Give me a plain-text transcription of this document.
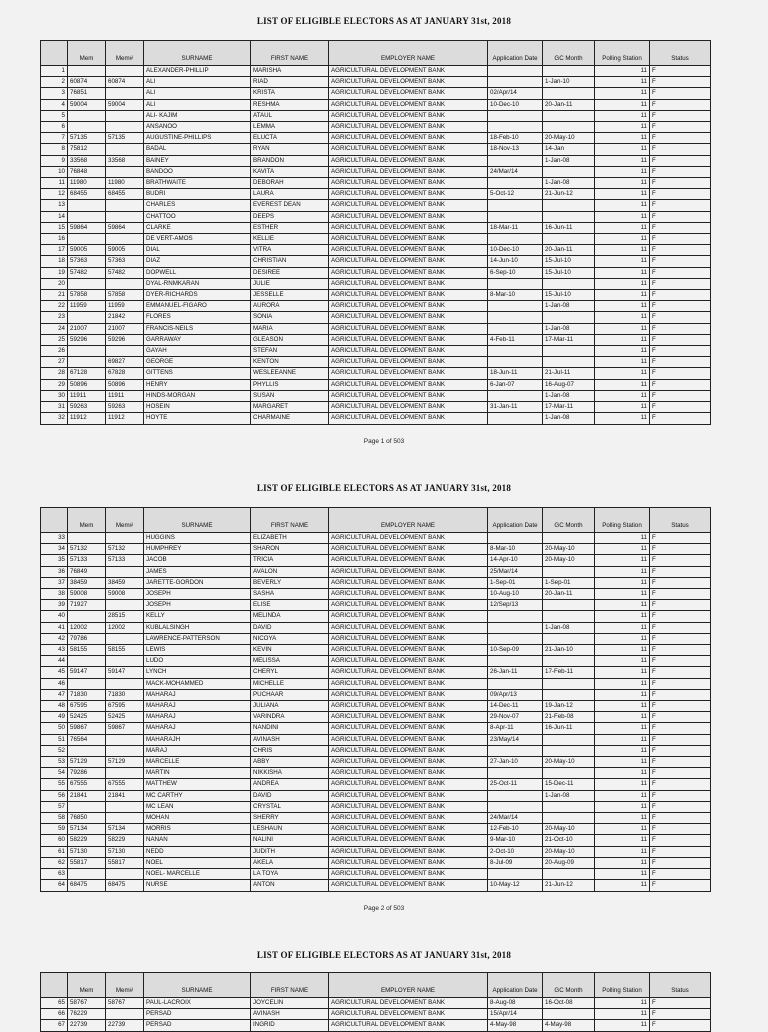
LIST OF ELIGIBLE ELECTORS AS AT JANUARY 31st, 2018
	Mem	Mem#	SURNAME	FIRST NAME	EMPLOYER NAME	Application Date	GC Month	Polling Station	Status
1			ALEXANDER-PHILLIP	MARISHA	AGRICULTURAL DEVELOPMENT BANK			11	F
2	60874	60874	ALI	RIAD	AGRICULTURAL DEVELOPMENT BANK		1-Jan-10	11	F
3	76851		ALI	KRISTA	AGRICULTURAL DEVELOPMENT BANK	02/Apr/14		11	F
4	59004	59004	ALI	RESHMA	AGRICULTURAL DEVELOPMENT BANK	10-Dec-10	20-Jan-11	11	F
5			ALI- KAJIM	ATAUL	AGRICULTURAL DEVELOPMENT BANK			11	F
6			ANSANOO	LEMMA	AGRICULTURAL DEVELOPMENT BANK			11	F
7	57135	57135	AUGUSTINE-PHILLIPS	ELUCTA	AGRICULTURAL DEVELOPMENT BANK	18-Feb-10	20-May-10	11	F
8	75812		BADAL	RYAN	AGRICULTURAL DEVELOPMENT BANK	18-Nov-13	14-Jan	11	F
9	33568	33568	BAINEY	BRANDON	AGRICULTURAL DEVELOPMENT BANK		1-Jan-08	11	F
10	76848		BANDOO	KAVITA	AGRICULTURAL DEVELOPMENT BANK	24/Mar/14		11	F
11	11980	11980	BRATHWAITE	DEBORAH	AGRICULTURAL DEVELOPMENT BANK		1-Jan-08	11	F
12	68455	68455	BUDRI	LAURA	AGRICULTURAL DEVELOPMENT BANK	5-Oct-12	21-Jun-12	11	F
13			CHARLES	EVEREST DEAN	AGRICULTURAL DEVELOPMENT BANK			11	F
14			CHATTOO	DEEPS	AGRICULTURAL DEVELOPMENT BANK			11	F
15	59864	59864	CLARKE	ESTHER	AGRICULTURAL DEVELOPMENT BANK	18-Mar-11	16-Jun-11	11	F
16			DE VERT-AMOS	KELLIE	AGRICULTURAL DEVELOPMENT BANK			11	F
17	59005	59005	DIAL	VITRA	AGRICULTURAL DEVELOPMENT BANK	10-Dec-10	20-Jan-11	11	F
18	57363	57363	DIAZ	CHRISTIAN	AGRICULTURAL DEVELOPMENT BANK	14-Jun-10	15-Jul-10	11	F
19	57482	57482	DOPWELL	DESIREE	AGRICULTURAL DEVELOPMENT BANK	6-Sep-10	15-Jul-10	11	F
20			DYAL-RNMKARAN	JULIE	AGRICULTURAL DEVELOPMENT BANK			11	F
21	57858	57858	DYER-RICHARDS	JESSELLE	AGRICULTURAL DEVELOPMENT BANK	8-Mar-10	15-Jul-10	11	F
22	11959	11959	EMMANUEL-FIGARO	AURORA	AGRICULTURAL DEVELOPMENT BANK		1-Jan-08	11	F
23		21842	FLORES	SONIA	AGRICULTURAL DEVELOPMENT BANK			11	F
24	21007	21007	FRANCIS-NEILS	MARIA	AGRICULTURAL DEVELOPMENT BANK		1-Jan-08	11	F
25	59296	59296	GARRAWAY	GLEASON	AGRICULTURAL DEVELOPMENT BANK	4-Feb-11	17-Mar-11	11	F
26			GAYAH	STEFAN	AGRICULTURAL DEVELOPMENT BANK			11	F
27		69827	GEORGE	KENTON	AGRICULTURAL DEVELOPMENT BANK			11	F
28	67128	67828	GITTENS	WESLEEANNE	AGRICULTURAL DEVELOPMENT BANK	18-Jun-11	21-Jul-11	11	F
29	50896	50896	HENRY	PHYLLIS	AGRICULTURAL DEVELOPMENT BANK	6-Jan-07	16-Aug-07	11	F
30	11911	11911	HINDS-MORGAN	SUSAN	AGRICULTURAL DEVELOPMENT BANK		1-Jan-08	11	F
31	59263	59263	HOSEIN	MARGARET	AGRICULTURAL DEVELOPMENT BANK	31-Jan-11	17-Mar-11	11	F
32	11912	11912	HOYTE	CHARMAINE	AGRICULTURAL DEVELOPMENT BANK		1-Jan-08	11	F
Page 1 of 503
LIST OF ELIGIBLE ELECTORS AS AT JANUARY 31st, 2018
	Mem	Mem#	SURNAME	FIRST NAME	EMPLOYER NAME	Application Date	GC Month	Polling Station	Status
33			HUGGINS	ELIZABETH	AGRICULTURAL DEVELOPMENT BANK			11	F
34	57132	57132	HUMPHREY	SHARON	AGRICULTURAL DEVELOPMENT BANK	8-Mar-10	20-May-10	11	F
35	57133	57133	JACOB	TRICIA	AGRICULTURAL DEVELOPMENT BANK	14-Apr-10	20-May-10	11	F
36	76849		JAMES	AVALON	AGRICULTURAL DEVELOPMENT BANK	25/Mar/14		11	F
37	38459	38459	JARETTE-GORDON	BEVERLY	AGRICULTURAL DEVELOPMENT BANK	1-Sep-01	1-Sep-01	11	F
38	59008	59008	JOSEPH	SASHA	AGRICULTURAL DEVELOPMENT BANK	10-Aug-10	20-Jan-11	11	F
39	71927		JOSEPH	ELISE	AGRICULTURAL DEVELOPMENT BANK	12/Sep/13		11	F
40		28515	KELLY	MELINDA	AGRICULTURAL DEVELOPMENT BANK			11	F
41	12002	12002	KUBLALSINGH	DAVID	AGRICULTURAL DEVELOPMENT BANK		1-Jan-08	11	F
42	79786		LAWRENCE-PATTERSON	NICOYA	AGRICULTURAL DEVELOPMENT BANK			11	F
43	58155	58155	LEWIS	KEVIN	AGRICULTURAL DEVELOPMENT BANK	10-Sep-09	21-Jan-10	11	F
44			LUDO	MELISSA	AGRICULTURAL DEVELOPMENT BANK			11	F
45	59147	59147	LYNCH	CHERYL	AGRICULTURAL DEVELOPMENT BANK	26-Jan-11	17-Feb-11	11	F
46			MACK-MOHAMMED	MICHELLE	AGRICULTURAL DEVELOPMENT BANK			11	F
47	71830	71830	MAHARAJ	PUCHAAR	AGRICULTURAL DEVELOPMENT BANK	09/Apr/13		11	F
48	67595	67595	MAHARAJ	JULIANA	AGRICULTURAL DEVELOPMENT BANK	14-Dec-11	19-Jan-12	11	F
49	52425	52425	MAHARAJ	VARINDRA	AGRICULTURAL DEVELOPMENT BANK	29-Nov-07	21-Feb-08	11	F
50	59867	59867	MAHARAJ	NANDINI	AGRICULTURAL DEVELOPMENT BANK	8-Apr-11	16-Jun-11	11	F
51	76564		MAHARAJH	AVINASH	AGRICULTURAL DEVELOPMENT BANK	23/May/14		11	F
52			MARAJ	CHRIS	AGRICULTURAL DEVELOPMENT BANK			11	F
53	57129	57129	MARCELLE	ABBY	AGRICULTURAL DEVELOPMENT BANK	27-Jan-10	20-May-10	11	F
54	79286		MARTIN	NIKKISHA	AGRICULTURAL DEVELOPMENT BANK			11	F
55	67555	67555	MATTHEW	ANDREA	AGRICULTURAL DEVELOPMENT BANK	25-Oct-11	15-Dec-11	11	F
56	21841	21841	MC CARTHY	DAVID	AGRICULTURAL DEVELOPMENT BANK		1-Jan-08	11	F
57			MC LEAN	CRYSTAL	AGRICULTURAL DEVELOPMENT BANK			11	F
58	76850		MOHAN	SHERRY	AGRICULTURAL DEVELOPMENT BANK	24/Mar/14		11	F
59	57134	57134	MORRIS	LESHAUN	AGRICULTURAL DEVELOPMENT BANK	12-Feb-10	20-May-10	11	F
60	58229	58229	NANAN	NALINI	AGRICULTURAL DEVELOPMENT BANK	9-Mar-10	21-Oct-10	11	F
61	57130	57130	NEDD	JUDITH	AGRICULTURAL DEVELOPMENT BANK	2-Oct-10	20-May-10	11	F
62	55817	55817	NOEL	AKELA	AGRICULTURAL DEVELOPMENT BANK	8-Jul-09	20-Aug-09	11	F
63			NOEL- MARCELLE	LA TOYA	AGRICULTURAL DEVELOPMENT BANK			11	F
64	68475	68475	NURSE	ANTON	AGRICULTURAL DEVELOPMENT BANK	10-May-12	21-Jun-12	11	F
Page 2 of 503
LIST OF ELIGIBLE ELECTORS AS AT JANUARY 31st, 2018
	Mem	Mem#	SURNAME	FIRST NAME	EMPLOYER NAME	Application Date	GC Month	Polling Station	Status
65	58767	58767	PAUL-LACROIX	JOYCELIN	AGRICULTURAL DEVELOPMENT BANK	8-Aug-08	16-Oct-08	11	F
66	76229		PERSAD	AVINASH	AGRICULTURAL DEVELOPMENT BANK	15/Apr/14		11	F
67	22739	22739	PERSAD	INGRID	AGRICULTURAL DEVELOPMENT BANK	4-May-98	4-May-98	11	F
